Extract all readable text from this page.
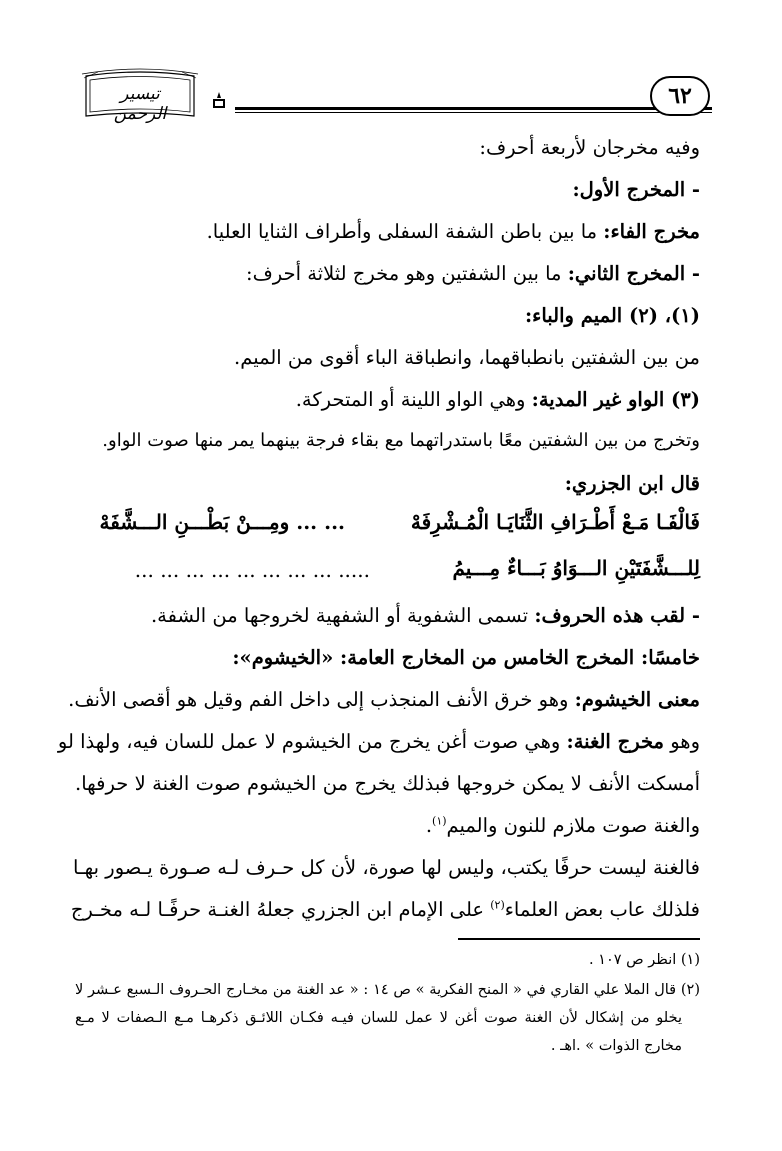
تيسير الرحمن
٦٢
وفيه مخرجان لأربعة أحرف:
- المخرج الأول:
مخرج الفاء: ما بين باطن الشفة السفلى وأطراف الثنايا العليا.
- المخرج الثاني: ما بين الشفتين وهو مخرج لثلاثة أحرف:
(١)، (٢) الميم والباء:
من بين الشفتين بانطباقهما، وانطباقة الباء أقوى من الميم.
(٣) الواو غير المدية: وهي الواو اللينة أو المتحركة.
وتخرج من بين الشفتين معًا باستدراتهما مع بقاء فرجة بينهما يمر منها صوت الواو.
قال ابن الجزري:
فَالْفَـا مَـعْ أَطْـرَافِ الثَّنَايَـا الْمُـشْرِفَهْ
... ... ومِـــنْ بَطْـــنِ الـــشَّفَهْ
لِلـــشَّفَتَيْنِ الـــوَاوُ بَـــاءٌ مِـــيمُ
..... ... ... ... ... ... ... ... ...
- لقب هذه الحروف: تسمى الشفوية أو الشفهية لخروجها من الشفة.
خامسًا: المخرج الخامس من المخارج العامة: «الخيشوم»:
معنى الخيشوم: وهو خرق الأنف المنجذب إلى داخل الفم وقيل هو أقصى الأنف.
وهو مخرج الغنة: وهي صوت أغن يخرج من الخيشوم لا عمل للسان فيه، ولهذا لو
أمسكت الأنف لا يمكن خروجها فبذلك يخرج من الخيشوم صوت الغنة لا حرفها.
والغنة صوت ملازم للنون والميم$^{(١)}$.
فالغنة ليست حرفًا يكتب، وليس لها صورة، لأن كل حـرف لـه صـورة يـصور بهـا
فلذلك عاب بعض العلماء$^{(٢)}$ على الإمام ابن الجزري جعلهُ الغنـة حرفًـا لـه مخـرج
(١) انظر ص ١٠٧ .
(٢) قال الملا علي القاري في « المنح الفكرية » ص ١٤ : « عد الغنة من مخـارج الحـروف الـسبع عـشر لا
يخلو من إشكال لأن الغنة صوت أغن لا عمل للسان فيـه فكـان اللائـق ذكرهـا مـع الـصفات لا مـع
مخارج الذوات » .اهـ .
